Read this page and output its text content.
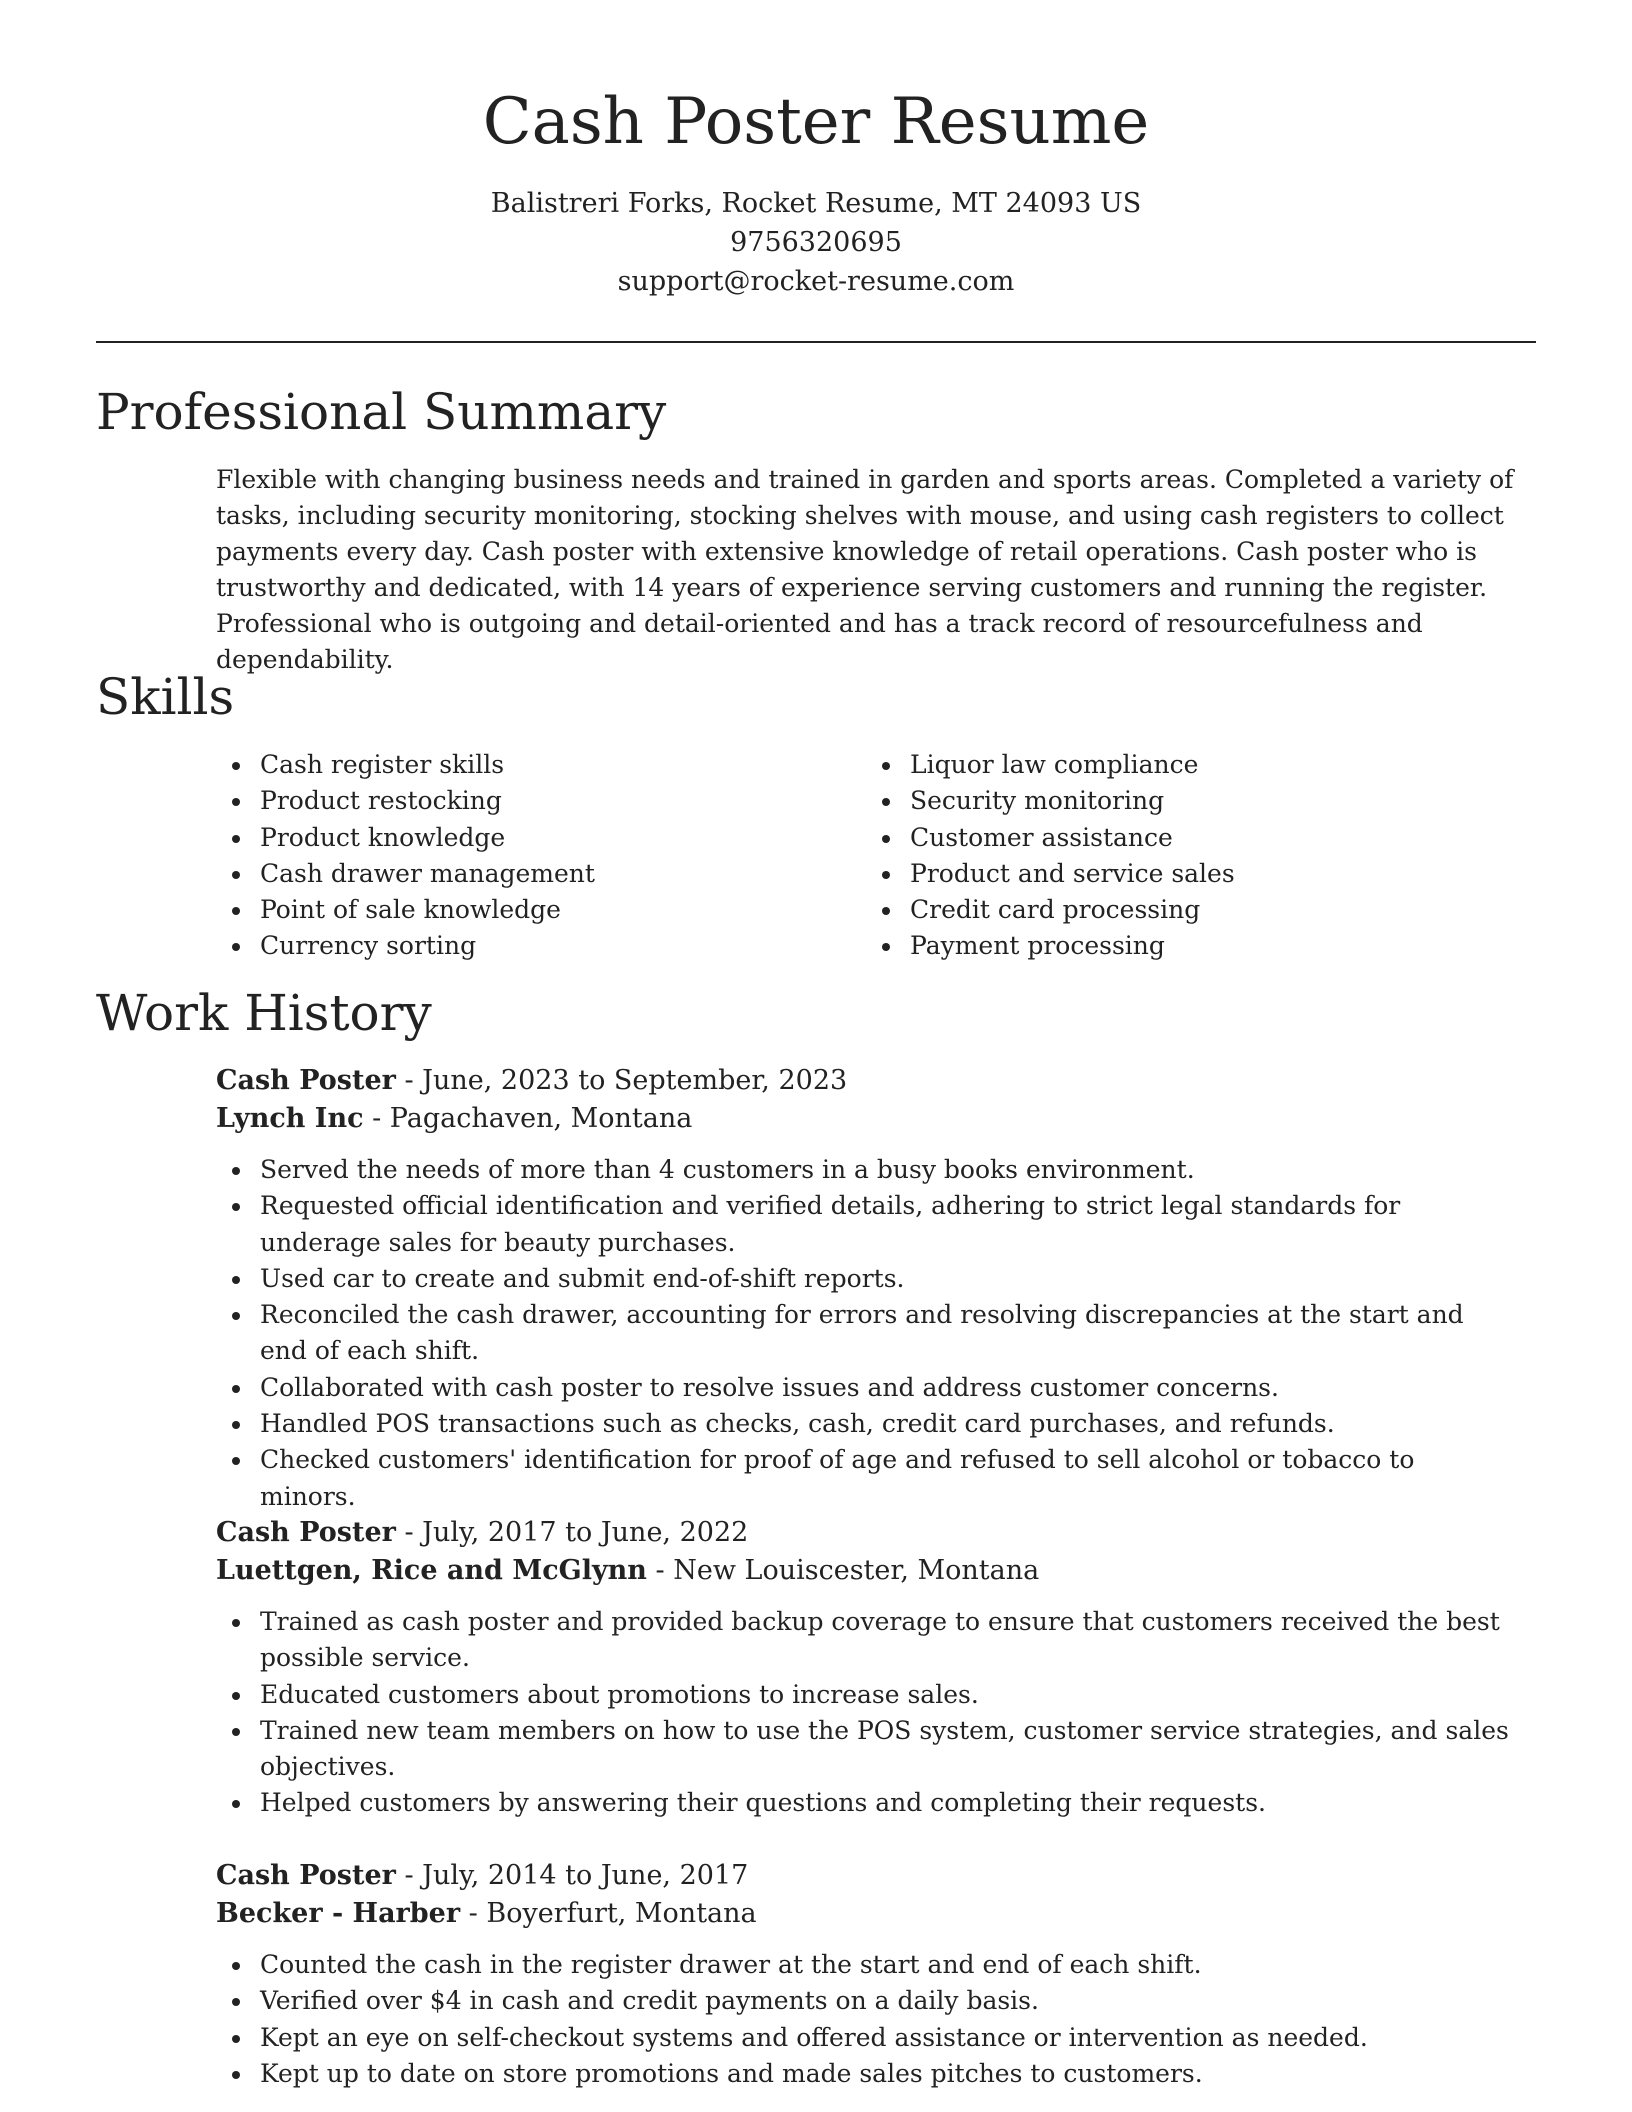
Cash Poster Resume
Balistreri Forks, Rocket Resume, MT 24093 US
9756320695
support@rocket-resume.com
Professional Summary

Flexible with changing business needs and trained in garden and sports areas. Completed a variety of tasks, including security monitoring, stocking shelves with mouse, and using cash registers to collect payments every day. Cash poster with extensive knowledge of retail operations. Cash poster who is trustworthy and dedicated, with 14 years of experience serving customers and running the register. Professional who is outgoing and detail-oriented and has a track record of resourcefulness and dependability.

Skills
Cash register skills
Product restocking
Product knowledge
Cash drawer management
Point of sale knowledge
Currency sorting
Liquor law compliance
Security monitoring
Customer assistance
Product and service sales
Credit card processing
Payment processing
Work History
Cash Poster - June, 2023 to September, 2023
Lynch Inc - Pagachaven, Montana
Served the needs of more than 4 customers in a busy books environment.
Requested official identification and verified details, adhering to strict legal standards for underage sales for beauty purchases.
Used car to create and submit end-of-shift reports.
Reconciled the cash drawer, accounting for errors and resolving discrepancies at the start and end of each shift.
Collaborated with cash poster to resolve issues and address customer concerns.
Handled POS transactions such as checks, cash, credit card purchases, and refunds.
Checked customers' identification for proof of age and refused to sell alcohol or tobacco to minors.
Cash Poster - July, 2017 to June, 2022
Luettgen, Rice and McGlynn - New Louiscester, Montana
Trained as cash poster and provided backup coverage to ensure that customers received the best possible service.
Educated customers about promotions to increase sales.
Trained new team members on how to use the POS system, customer service strategies, and sales objectives.
Helped customers by answering their questions and completing their requests.
Cash Poster - July, 2014 to June, 2017
Becker - Harber - Boyerfurt, Montana
Counted the cash in the register drawer at the start and end of each shift.
Verified over $4 in cash and credit payments on a daily basis.
Kept an eye on self-checkout systems and offered assistance or intervention as needed.
Kept up to date on store promotions and made sales pitches to customers.
